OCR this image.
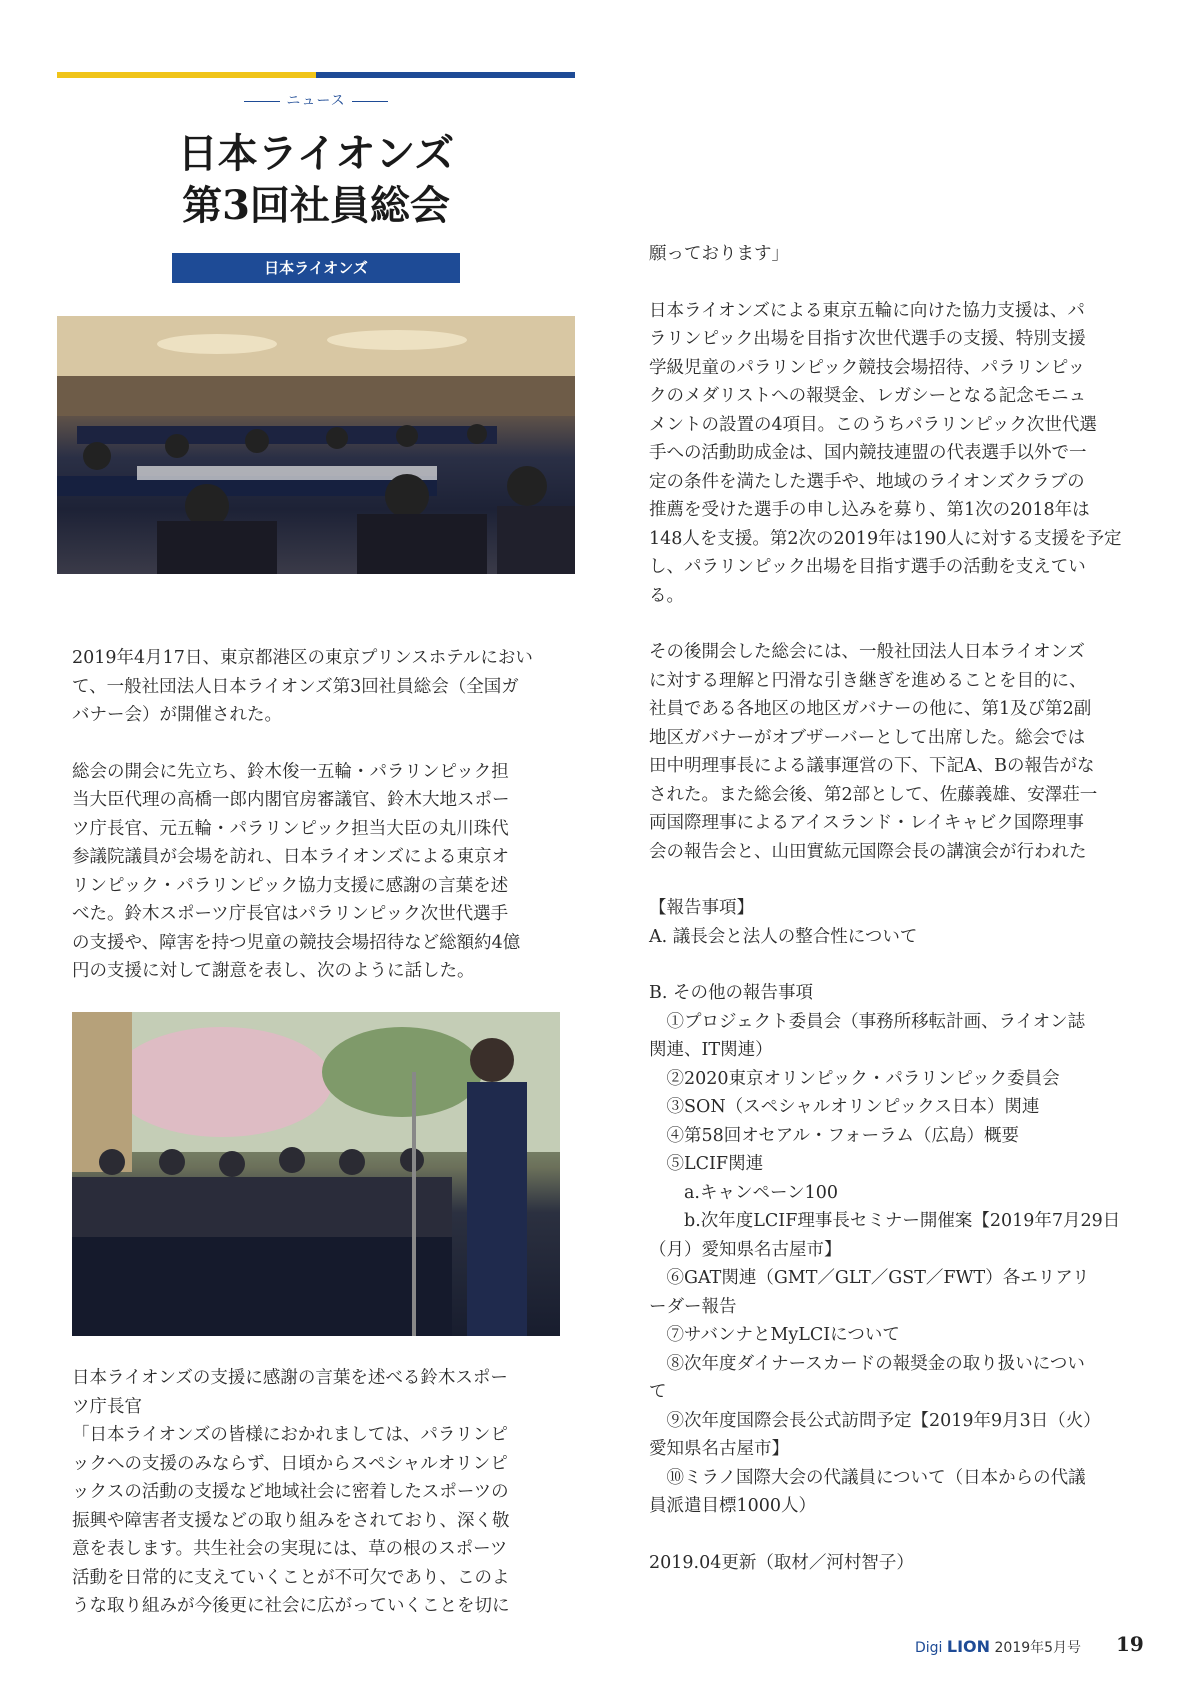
ニュース
日本ライオンズ
第3回社員総会
日本ライオンズ

2019年4月17日、東京都港区の東京プリンスホテルにおい
て、一般社団法人日本ライオンズ第3回社員総会（全国ガ
バナー会）が開催された。

総会の開会に先立ち、鈴木俊一五輪・パラリンピック担
当大臣代理の高橋一郎内閣官房審議官、鈴木大地スポー
ツ庁長官、元五輪・パラリンピック担当大臣の丸川珠代
参議院議員が会場を訪れ、日本ライオンズによる東京オ
リンピック・パラリンピック協力支援に感謝の言葉を述
べた。鈴木スポーツ庁長官はパラリンピック次世代選手
の支援や、障害を持つ児童の競技会場招待など総額約4億
円の支援に対して謝意を表し、次のように話した。

日本ライオンズの支援に感謝の言葉を述べる鈴木スポー
ツ庁長官

「日本ライオンズの皆様におかれましては、パラリンピ
ックへの支援のみならず、日頃からスペシャルオリンピ
ックスの活動の支援など地域社会に密着したスポーツの
振興や障害者支援などの取り組みをされており、深く敬
意を表します。共生社会の実現には、草の根のスポーツ
活動を日常的に支えていくことが不可欠であり、このよ
うな取り組みが今後更に社会に広がっていくことを切に

願っております」

日本ライオンズによる東京五輪に向けた協力支援は、パ
ラリンピック出場を目指す次世代選手の支援、特別支援
学級児童のパラリンピック競技会場招待、パラリンピッ
クのメダリストへの報奨金、レガシーとなる記念モニュ
メントの設置の4項目。このうちパラリンピック次世代選
手への活動助成金は、国内競技連盟の代表選手以外で一
定の条件を満たした選手や、地域のライオンズクラブの
推薦を受けた選手の申し込みを募り、第1次の2018年は
148人を支援。第2次の2019年は190人に対する支援を予定
し、パラリンピック出場を目指す選手の活動を支えてい
る。

その後開会した総会には、一般社団法人日本ライオンズ
に対する理解と円滑な引き継ぎを進めることを目的に、
社員である各地区の地区ガバナーの他に、第1及び第2副
地区ガバナーがオブザーバーとして出席した。総会では
田中明理事長による議事運営の下、下記A、Bの報告がな
された。また総会後、第2部として、佐藤義雄、安澤荘一
両国際理事によるアイスランド・レイキャビク国際理事
会の報告会と、山田實紘元国際会長の講演会が行われた

【報告事項】
A. 議長会と法人の整合性について

B. その他の報告事項
　①プロジェクト委員会（事務所移転計画、ライオン誌
関連、IT関連）
　②2020東京オリンピック・パラリンピック委員会
　③SON（スペシャルオリンピックス日本）関連
　④第58回オセアル・フォーラム（広島）概要
　⑤LCIF関連
　　a.キャンペーン100
　　b.次年度LCIF理事長セミナー開催案【2019年7月29日
（月）愛知県名古屋市】
　⑥GAT関連（GMT／GLT／GST／FWT）各エリアリ
ーダー報告
　⑦サバンナとMyLCIについて
　⑧次年度ダイナースカードの報奨金の取り扱いについ
て
　⑨次年度国際会長公式訪問予定【2019年9月3日（火）
愛知県名古屋市】
　⑩ミラノ国際大会の代議員について（日本からの代議
員派遣目標1000人）

2019.04更新（取材／河村智子）

Digi LION 2019年5月号 19
